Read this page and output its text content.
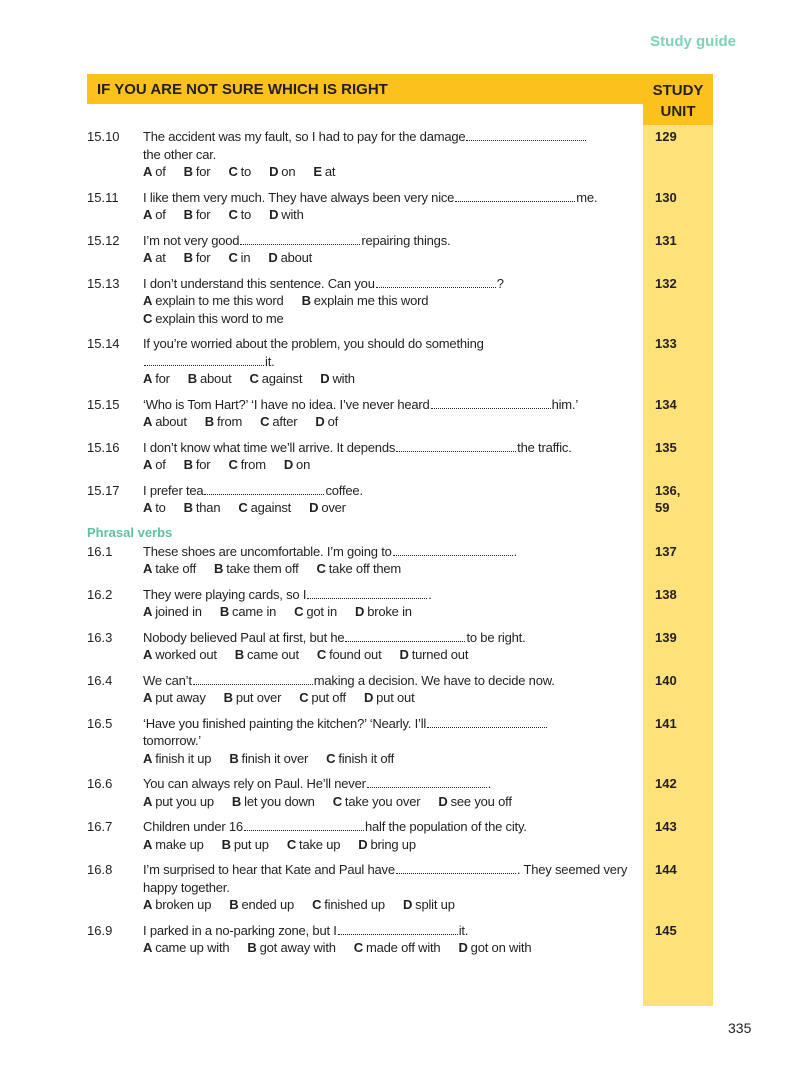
Study guide
IF YOU ARE NOT SURE WHICH IS RIGHT	STUDY
UNIT
15.10	The accident was my fault, so I had to pay for the damage
the other car.
A of B for C to D on E at
129
15.11	I like them very much. They have always been very nice	me.
A of B for C to D with
130
15.12	I’m not very good	repairing things.
A at B for C in D about
131
15.13	I don’t understand this sentence. Can you	?
A explain to me this word B explain me this word
C explain this word to me
132
15.14	If you’re worried about the problem, you should do something
it.
A for B about C against D with
133
15.15	‘Who is Tom Hart?’ ‘I have no idea. I’ve never heard	him.’
A about B from C after D of
134
15.16	I don’t know what time we’ll arrive. It depends	the traffic.
A of B for C from D on
135
15.17	I prefer tea	coffee.
A to B than C against D over
136, 59
Phrasal verbs
16.1	These shoes are uncomfortable. I’m going to	.
A take off B take them off C take off them
137
16.2	They were playing cards, so I	.
A joined in B came in C got in D broke in
138
16.3	Nobody believed Paul at first, but he	to be right.
A worked out B came out C found out D turned out
139
16.4	We can’t	making a decision. We have to decide now.
A put away B put over C put off D put out
140
16.5	‘Have you finished painting the kitchen?’ ‘Nearly. I’ll
tomorrow.’
A finish it up B finish it over C finish it off
141
16.6	You can always rely on Paul. He’ll never	.
A put you up B let you down C take you over D see you off
142
16.7	Children under 16	half the population of the city.
A make up B put up C take up D bring up
143
16.8	I’m surprised to hear that Kate and Paul have	. They seemed very
happy together.
A broken up B ended up C finished up D split up
144
16.9	I parked in a no-parking zone, but I	it.
A came up with B got away with C made off with D got on with
145
335
